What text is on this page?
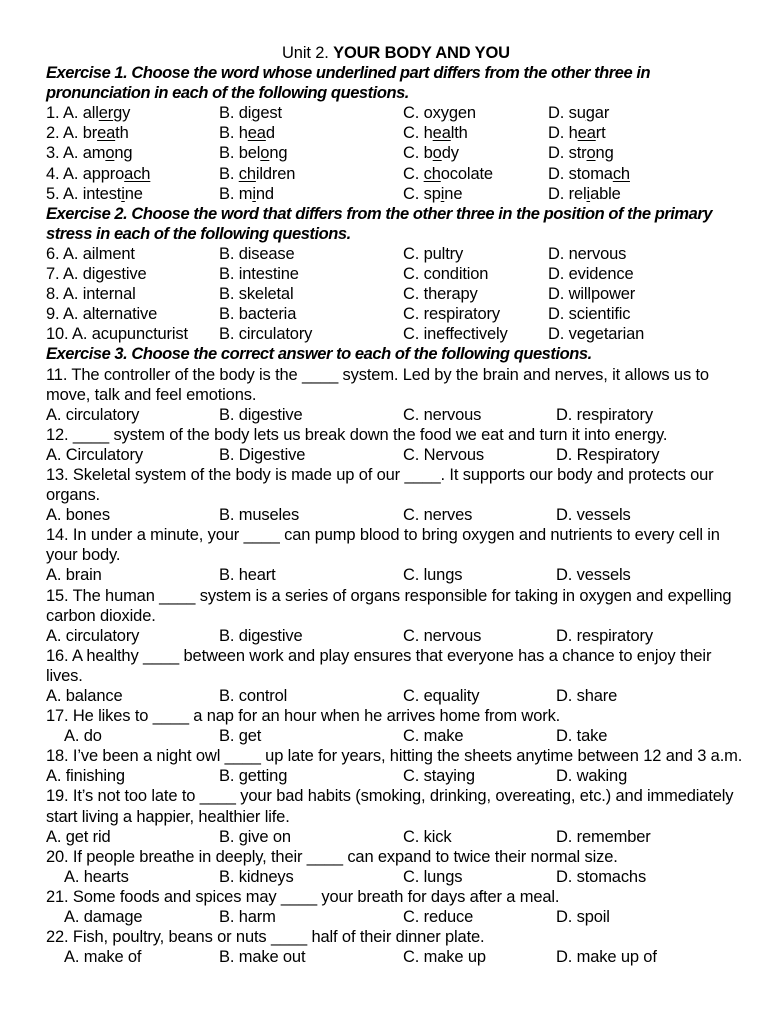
Unit 2. YOUR BODY AND YOU
Exercise 1. Choose the word whose underlined part differs from the other three in pronunciation in each of the following questions.
1. A. allergy	B. digest	C. oxygen	D. sugar
2. A. breath	B. head	C. health	D. heart
3. A. among	B. belong	C. body	D. strong
4. A. approach	B. children	C. chocolate	D. stomach
5. A. intestine	B. mind	C. spine	D. reliable
Exercise 2. Choose the word that differs from the other three in the position of the primary stress in each of the following questions.
6. A. ailment	B. disease	C. pultry	D. nervous
7. A. digestive	B. intestine	C. condition	D. evidence
8. A. internal	B. skeletal	C. therapy	D. willpower
9. A. alternative	B. bacteria	C. respiratory	D. scientific
10. A. acupuncturist	B. circulatory	C. ineffectively	D. vegetarian
Exercise 3. Choose the correct answer to each of the following questions.
11. The controller of the body is the ____ system. Led by the brain and nerves, it allows us to move, talk and feel emotions.
A. circulatory	B. digestive	C. nervous	D. respiratory
12. ____ system of the body lets us break down the food we eat and turn it into energy.
A. Circulatory	B. Digestive	C. Nervous	D. Respiratory
13. Skeletal system of the body is made up of our ____. It supports our body and protects our organs.
A. bones	B. museles	C. nerves	D. vessels
14. In under a minute, your ____ can pump blood to bring oxygen and nutrients to every cell in your body.
A. brain	B. heart	C. lungs	D. vessels
15. The human ____ system is a series of organs responsible for taking in oxygen and expelling carbon dioxide.
A. circulatory	B. digestive	C. nervous	D. respiratory
16. A healthy ____ between work and play ensures that everyone has a chance to enjoy their lives.
A. balance	B. control	C. equality	D. share
17. He likes to ____ a nap for an hour when he arrives home from work.
A. do	B. get	C. make	D. take
18. I’ve been a night owl ____ up late for years, hitting the sheets anytime between 12 and 3 a.m.
A. finishing	B. getting	C. staying	D. waking
19. It’s not too late to ____ your bad habits (smoking, drinking, overeating, etc.) and immediately start living a happier, healthier life.
A. get rid	B. give on	C. kick	D. remember
20. If people breathe in deeply, their ____ can expand to twice their normal size.
A. hearts	B. kidneys	C. lungs	D. stomachs
21. Some foods and spices may ____ your breath for days after a meal.
A. damage	B. harm	C. reduce	D. spoil
22. Fish, poultry, beans or nuts ____ half of their dinner plate.
A. make of	B. make out	C. make up	D. make up of
